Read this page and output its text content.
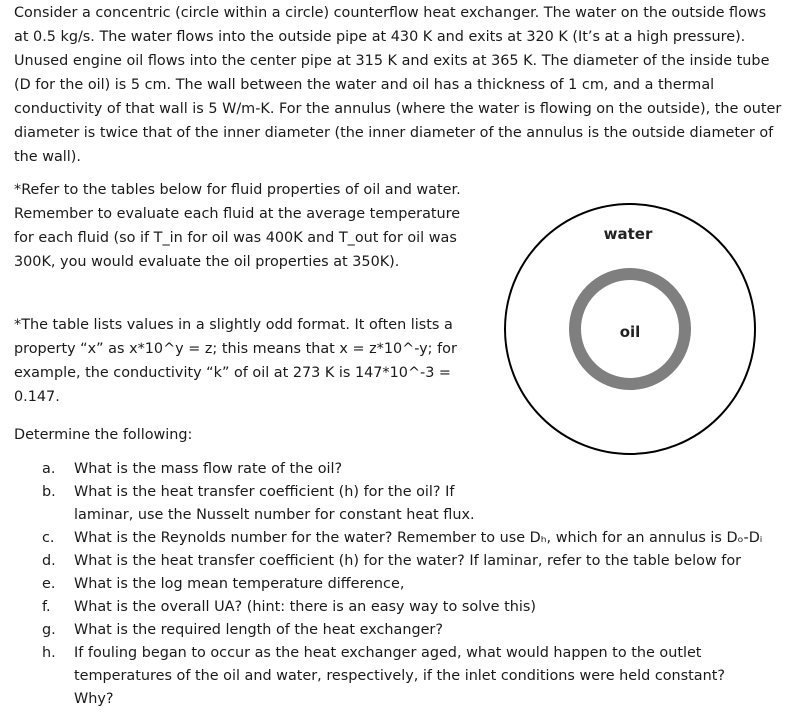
Consider a concentric (circle within a circle) counterflow heat exchanger. The water on the outside flows at 0.5 kg/s. The water flows into the outside pipe at 430 K and exits at 320 K (It’s at a high pressure). Unused engine oil flows into the center pipe at 315 K and exits at 365 K. The diameter of the inside tube (D for the oil) is 5 cm. The wall between the water and oil has a thickness of 1 cm, and a thermal conductivity of that wall is 5 W/m-K. For the annulus (where the water is flowing on the outside), the outer diameter is twice that of the inner diameter (the inner diameter of the annulus is the outside diameter of the wall).

*Refer to the tables below for fluid properties of oil and water. Remember to evaluate each fluid at the average temperature for each fluid (so if T_in for oil was 400K and T_out for oil was 300K, you would evaluate the oil properties at 350K).

*The table lists values in a slightly odd format. It often lists a property “x” as x*10^y = z; this means that x = z*10^-y; for example, the conductivity “k” of oil at 273 K is 147*10^-3 = 0.147.

water
oil

Determine the following:

a.	What is the mass flow rate of the oil?
b.	What is the heat transfer coefficient (h) for the oil? If laminar, use the Nusselt number for constant heat flux.
c.	What is the Reynolds number for the water? Remember to use Dₕ, which for an annulus is Dₒ-Dᵢ
d.	What is the heat transfer coefficient (h) for the water? If laminar, refer to the table below for
e.	What is the log mean temperature difference,
f.	What is the overall UA? (hint: there is an easy way to solve this)
g.	What is the required length of the heat exchanger?
h.	If fouling began to occur as the heat exchanger aged, what would happen to the outlet temperatures of the oil and water, respectively, if the inlet conditions were held constant? Why?
